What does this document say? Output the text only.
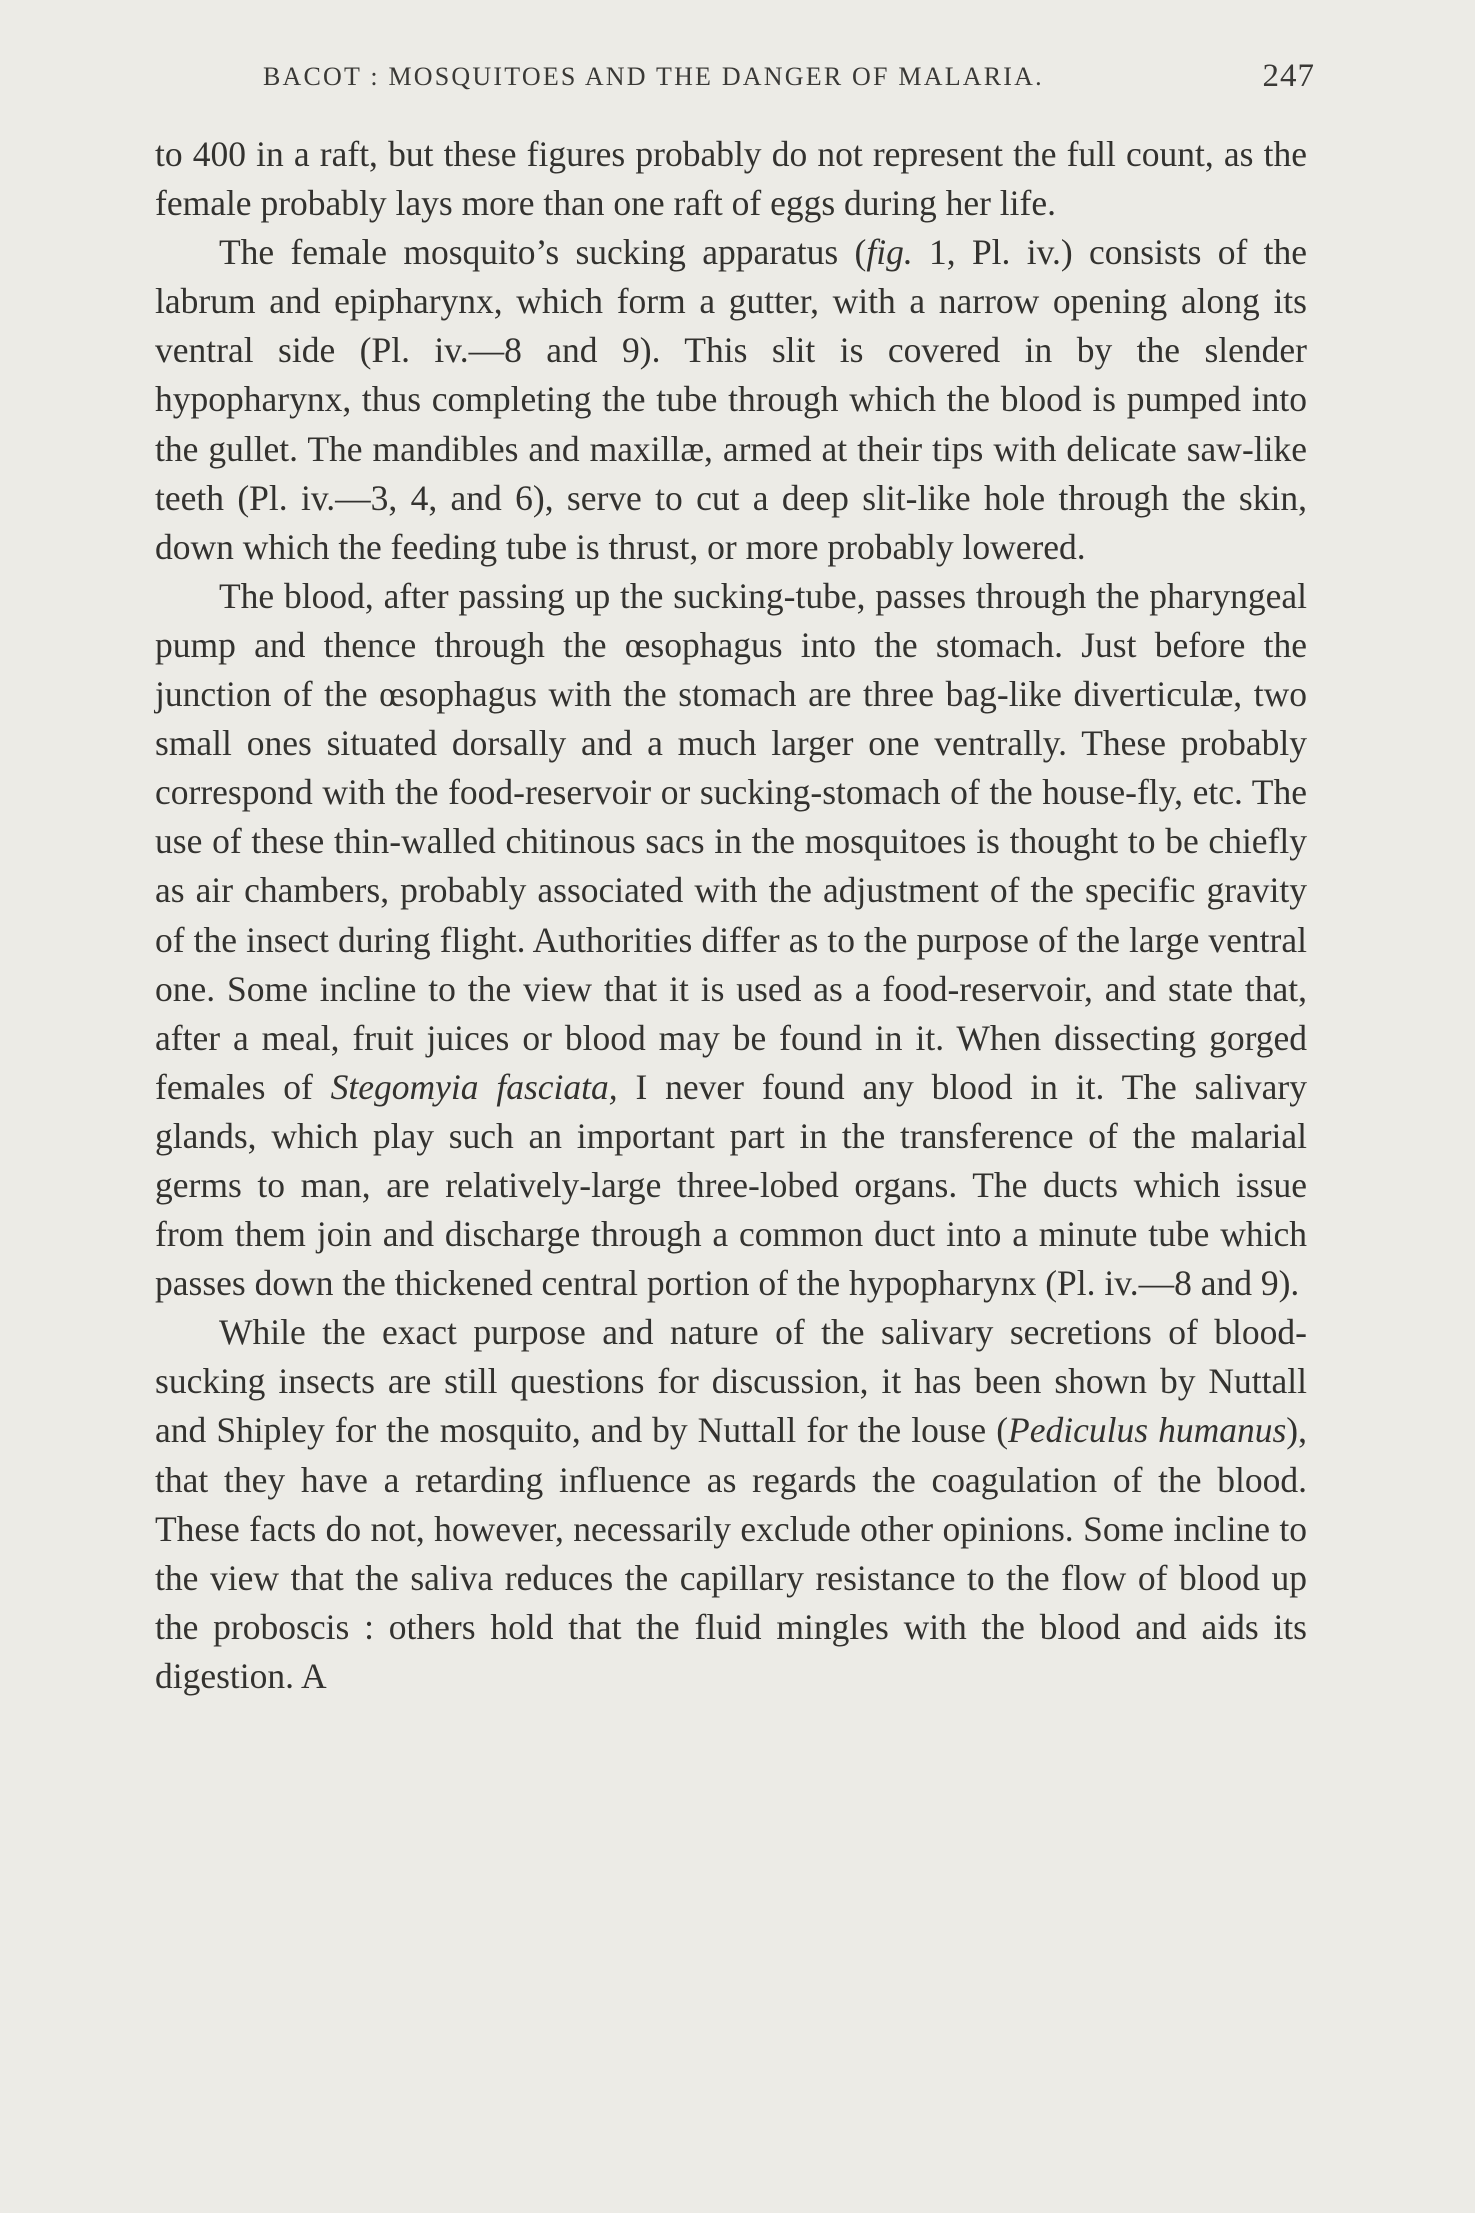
BACOT : MOSQUITOES AND THE DANGER OF MALARIA.	247

to 400 in a raft, but these figures probably do not represent the full count, as the female probably lays more than one raft of eggs during her life.

The female mosquito’s sucking apparatus (fig. 1, Pl. iv.) consists of the labrum and epipharynx, which form a gutter, with a narrow opening along its ventral side (Pl. iv.—8 and 9). This slit is covered in by the slender hypopharynx, thus completing the tube through which the blood is pumped into the gullet. The mandibles and maxillæ, armed at their tips with delicate saw-like teeth (Pl. iv.—3, 4, and 6), serve to cut a deep slit-like hole through the skin, down which the feeding tube is thrust, or more probably lowered.

The blood, after passing up the sucking-tube, passes through the pharyngeal pump and thence through the œsophagus into the stomach. Just before the junction of the œsophagus with the stomach are three bag-like diverticulæ, two small ones situated dorsally and a much larger one ventrally. These probably correspond with the food-reservoir or sucking-stomach of the house-fly, etc. The use of these thin-walled chitinous sacs in the mosquitoes is thought to be chiefly as air chambers, probably associated with the adjustment of the specific gravity of the insect during flight. Authorities differ as to the purpose of the large ventral one. Some incline to the view that it is used as a food-reservoir, and state that, after a meal, fruit juices or blood may be found in it. When dissecting gorged females of Stegomyia fasciata, I never found any blood in it. The salivary glands, which play such an important part in the transference of the malarial germs to man, are relatively-large three-lobed organs. The ducts which issue from them join and discharge through a common duct into a minute tube which passes down the thickened central portion of the hypopharynx (Pl. iv.—8 and 9).

While the exact purpose and nature of the salivary secretions of blood-sucking insects are still questions for discussion, it has been shown by Nuttall and Shipley for the mosquito, and by Nuttall for the louse (Pediculus humanus), that they have a retarding influence as regards the coagulation of the blood. These facts do not, however, necessarily exclude other opinions. Some incline to the view that the saliva reduces the capillary resistance to the flow of blood up the proboscis : others hold that the fluid mingles with the blood and aids its digestion. A
